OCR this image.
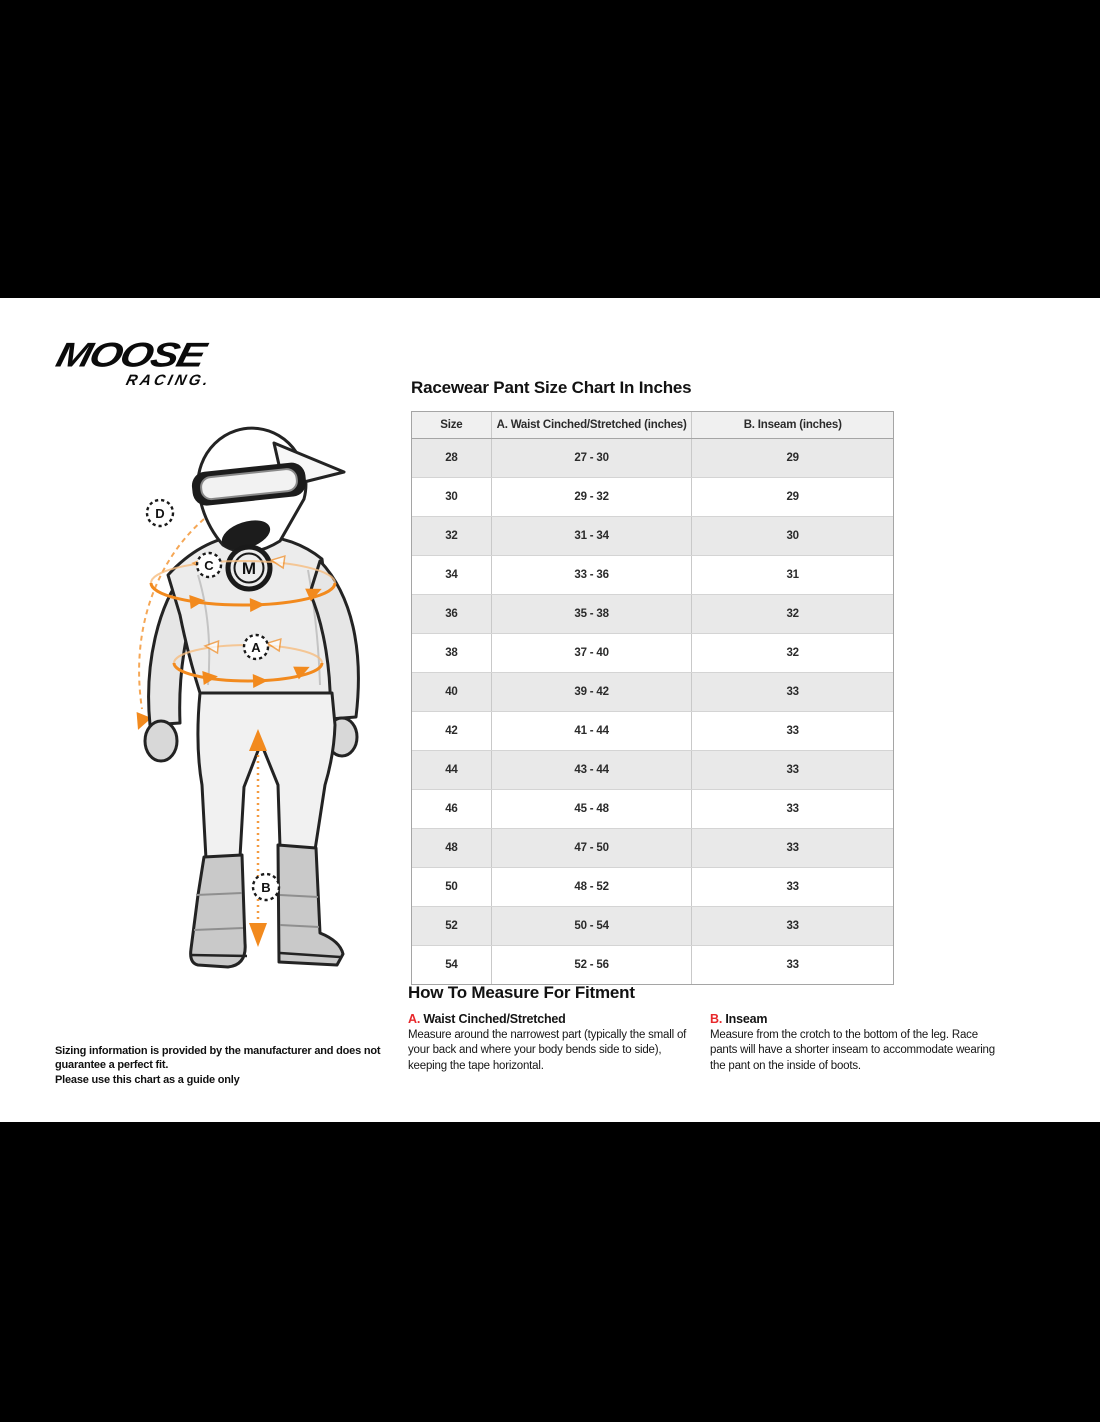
MOOSE
RACING.
M
D
C
A
B
Racewear Pant Size Chart In Inches
Size	A. Waist Cinched/Stretched (inches)	B. Inseam (inches)
28	27 - 30	29
30	29 - 32	29
32	31 - 34	30
34	33 - 36	31
36	35 - 38	32
38	37 - 40	32
40	39 - 42	33
42	41 - 44	33
44	43 - 44	33
46	45 - 48	33
48	47 - 50	33
50	48 - 52	33
52	50 - 54	33
54	52 - 56	33
How To Measure For Fitment
A. Waist Cinched/Stretched
Measure around the narrowest part (typically the small of your back and where your body bends side to side), keeping the tape horizontal.
B. Inseam
Measure from the crotch to the bottom of the leg. Race pants will have a shorter inseam to accommodate wearing the pant on the inside of boots.
Sizing information is provided by the manufacturer and does not guarantee a perfect fit.
Please use this chart as a guide only
